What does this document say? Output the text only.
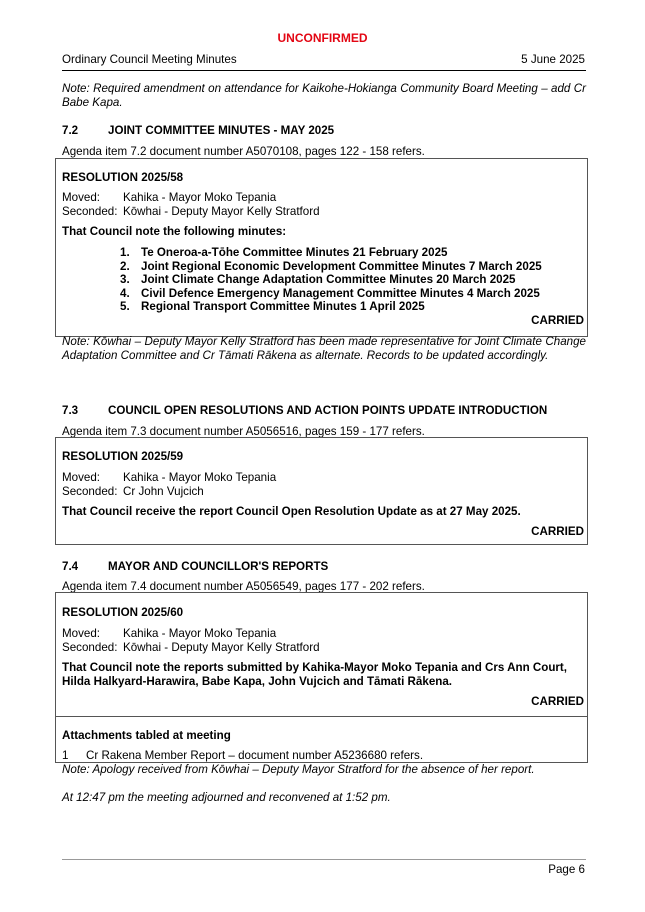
UNCONFIRMED
Ordinary Council Meeting Minutes	5 June 2025
Note: Required amendment on attendance for Kaikohe-Hokianga Community Board Meeting – add Cr Babe Kapa.
7.2	JOINT COMMITTEE MINUTES - MAY 2025
Agenda item 7.2 document number A5070108, pages 122 - 158 refers.
RESOLUTION 2025/58
Moved: Kahika - Mayor Moko Tepania
Seconded: Kōwhai - Deputy Mayor Kelly Stratford
That Council note the following minutes:
1. Te Oneroa-a-Tōhe Committee Minutes 21 February 2025
2. Joint Regional Economic Development Committee Minutes 7 March 2025
3. Joint Climate Change Adaptation Committee Minutes 20 March 2025
4. Civil Defence Emergency Management Committee Minutes 4 March 2025
5. Regional Transport Committee Minutes 1 April 2025
CARRIED
Note: Kōwhai – Deputy Mayor Kelly Stratford has been made representative for Joint Climate Change Adaptation Committee and Cr Tāmati Rākena as alternate. Records to be updated accordingly.
7.3	COUNCIL OPEN RESOLUTIONS AND ACTION POINTS UPDATE INTRODUCTION
Agenda item 7.3 document number A5056516, pages 159 - 177 refers.
RESOLUTION 2025/59
Moved: Kahika - Mayor Moko Tepania
Seconded: Cr John Vujcich
That Council receive the report Council Open Resolution Update as at 27 May 2025.
CARRIED
7.4	MAYOR AND COUNCILLOR'S REPORTS
Agenda item 7.4 document number A5056549, pages 177 - 202 refers.
RESOLUTION 2025/60
Moved: Kahika - Mayor Moko Tepania
Seconded: Kōwhai - Deputy Mayor Kelly Stratford
That Council note the reports submitted by Kahika-Mayor Moko Tepania and Crs Ann Court, Hilda Halkyard-Harawira, Babe Kapa, John Vujcich and Tāmati Rākena.
CARRIED
Attachments tabled at meeting
1 Cr Rakena Member Report – document number A5236680 refers.
Note: Apology received from Kōwhai – Deputy Mayor Stratford for the absence of her report.
At 12:47 pm the meeting adjourned and reconvened at 1:52 pm.
Page 6
